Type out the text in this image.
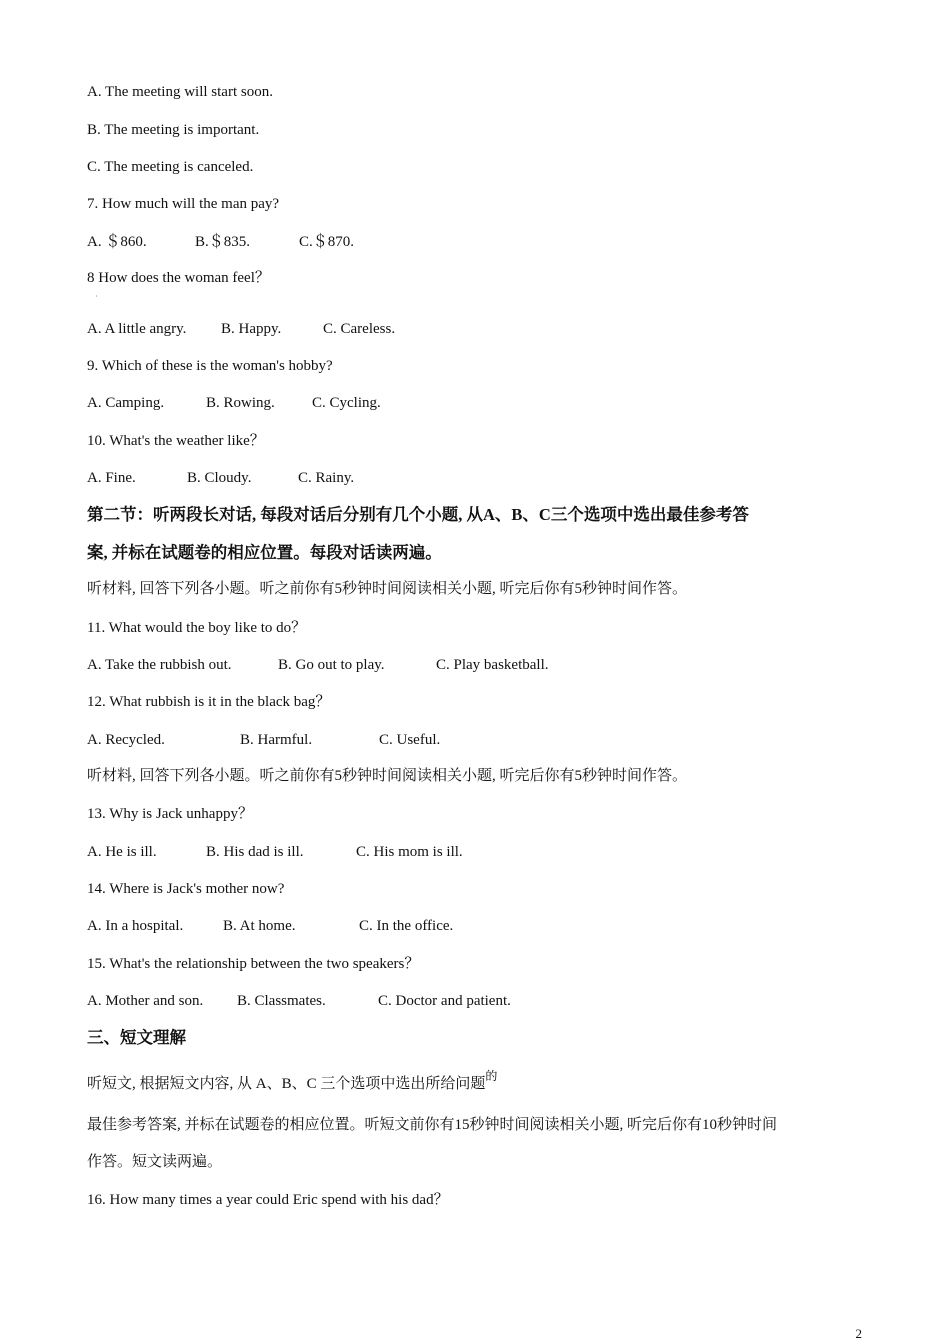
A. The meeting will start soon.
B. The meeting is important.
C. The meeting is canceled.
7. How much will the man pay?
A. ＄860.	B.＄835.	C.＄870.
8 How does the woman feel？
·
A. A little angry. B. Happy.	C. Careless.
9. Which of these is the woman's hobby?
A. Camping.	B. Rowing. C. Cycling.
10. What's the weather like？
A. Fine.	B. Cloudy.	C. Rainy.
第二节：听两段长对话, 每段对话后分别有几个小题, 从A、B、C三个选项中选出最佳参考答
案, 并标在试题卷的相应位置。每段对话读两遍。
听材料, 回答下列各小题。听之前你有5秒钟时间阅读相关小题, 听完后你有5秒钟时间作答。
11. What would the boy like to do？
A. Take the rubbish out.	B. Go out to play.	C. Play basketball.
12. What rubbish is it in the black bag？
A. Recycled.	B. Harmful.	C. Useful.
听材料, 回答下列各小题。听之前你有5秒钟时间阅读相关小题, 听完后你有5秒钟时间作答。
13. Why is Jack unhappy？
A. He is ill.	B. His dad is ill.	C. His mom is ill.
14. Where is Jack's mother now?
A. In a hospital.	B. At home.	C. In the office.
15. What's the relationship between the two speakers？
A. Mother and son. B. Classmates.	C. Doctor and patient.
三、短文理解
听短文, 根据短文内容, 从 A、B、C 三个选项中选出所给问题$^的$
最佳参考答案, 并标在试题卷的相应位置。听短文前你有15秒钟时间阅读相关小题, 听完后你有10秒钟时间
作答。短文读两遍。
16. How many times a year could Eric spend with his dad？
2
